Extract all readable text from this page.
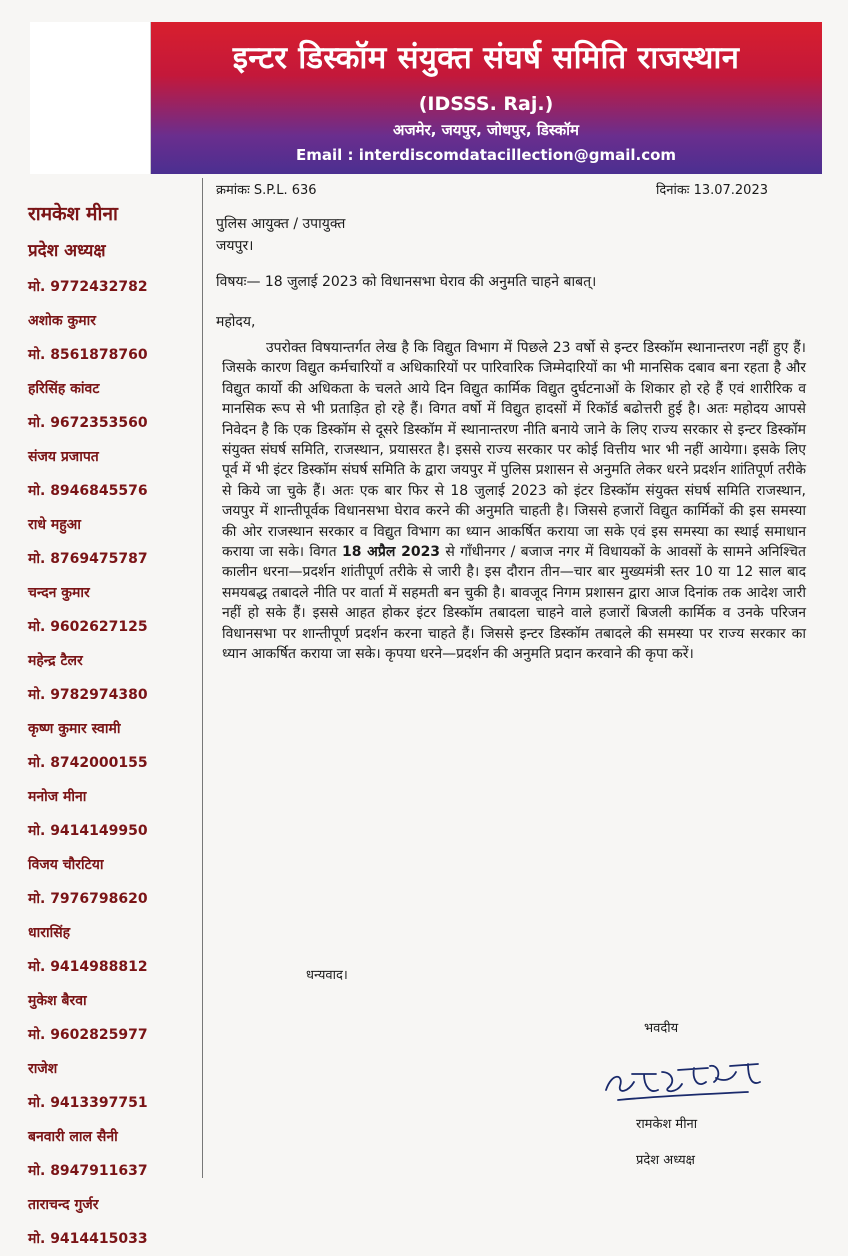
इन्टर डिस्कॉम संयुक्त संघर्ष समिति राजस्थान
(IDSSS. Raj.)
अजमेर, जयपुर, जोधपुर, डिस्कॉम
Email : interdiscomdatacillection@gmail.com
रामकेश मीना
प्रदेश अध्यक्ष
मो. 9772432782
अशोक कुमार
मो. 8561878760
हरिसिंह कांवट
मो. 9672353560
संजय प्रजापत
मो. 8946845576
राधे महुआ
मो. 8769475787
चन्दन कुमार
मो. 9602627125
महेन्द्र टैलर
मो. 9782974380
कृष्ण कुमार स्वामी
मो. 8742000155
मनोज मीना
मो. 9414149950
विजय चौरटिया
मो. 7976798620
धारासिंह
मो. 9414988812
मुकेश बैरवा
मो. 9602825977
राजेश
मो. 9413397751
बनवारी लाल सैनी
मो. 8947911637
ताराचन्द गुर्जर
मो. 9414415033
क्रमांकः S.P.L. 636	दिनांकः 13.07.2023
पुलिस आयुक्त / उपायुक्त
जयपुर।
विषयः— 18 जुलाई 2023 को विधानसभा घेराव की अनुमति चाहने बाबत्।
महोदय,
उपरोक्त विषयान्तर्गत लेख है कि विद्युत विभाग में पिछले 23 वर्षो से इन्टर डिस्कॉम स्थानान्तरण नहीं हुए हैं। जिसके कारण विद्युत कर्मचारियों व अधिकारियों पर पारिवारिक जिम्मेदारियों का भी मानसिक दबाव बना रहता है और विद्युत कार्यो की अधिकता के चलते आये दिन विद्युत कार्मिक विद्युत दुर्घटनाओं के शिकार हो रहे हैं एवं शारीरिक व मानसिक रूप से भी प्रताड़ित हो रहे हैं। विगत वर्षो में विद्युत हादसों में रिकॉर्ड बढोत्तरी हुई है। अतः महोदय आपसे निवेदन है कि एक डिस्कॉम से दूसरे डिस्कॉम में स्थानान्तरण नीति बनाये जाने के लिए राज्य सरकार से इन्टर डिस्कॉम संयुक्त संघर्ष समिति, राजस्थान, प्रयासरत है। इससे राज्य सरकार पर कोई वित्तीय भार भी नहीं आयेगा। इसके लिए पूर्व में भी इंटर डिस्कॉम संघर्ष समिति के द्वारा जयपुर में पुलिस प्रशासन से अनुमति लेकर धरने प्रदर्शन शांतिपूर्ण तरीके से किये जा चुके हैं। अतः एक बार फिर से 18 जुलाई 2023 को इंटर डिस्कॉम संयुक्त संघर्ष समिति राजस्थान, जयपुर में शान्तीपूर्वक विधानसभा घेराव करने की अनुमति चाहती है। जिससे हजारों विद्युत कार्मिकों की इस समस्या की ओर राजस्थान सरकार व विद्युत विभाग का ध्यान आकर्षित कराया जा सके एवं इस समस्या का स्थाई समाधान कराया जा सके। विगत 18 अप्रैल 2023 से गाँधीनगर / बजाज नगर में विधायकों के आवसों के सामने अनिश्चित कालीन धरना—प्रदर्शन शांतीपूर्ण तरीके से जारी है। इस दौरान तीन—चार बार मुख्यमंत्री स्तर 10 या 12 साल बाद समयबद्ध तबादले नीति पर वार्ता में सहमती बन चुकी है। बावजूद निगम प्रशासन द्वारा आज दिनांक तक आदेश जारी नहीं हो सके हैं। इससे आहत होकर इंटर डिस्कॉम तबादला चाहने वाले हजारों बिजली कार्मिक व उनके परिजन विधानसभा पर शान्तीपूर्ण प्रदर्शन करना चाहते हैं। जिससे इन्टर डिस्कॉम तबादले की समस्या पर राज्य सरकार का ध्यान आकर्षित कराया जा सके। कृपया धरने—प्रदर्शन की अनुमति प्रदान करवाने की कृपा करें।
धन्यवाद।
भवदीय
रामकेश मीना
प्रदेश अध्यक्ष
